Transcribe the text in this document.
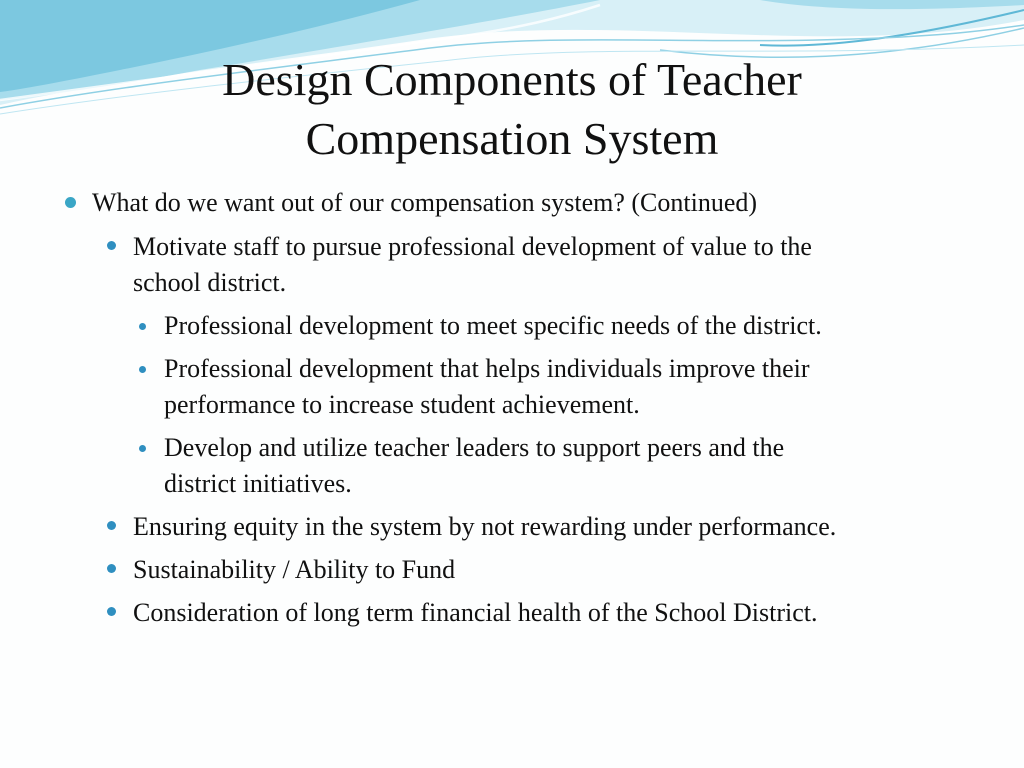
Design Components of Teacher
Compensation System
What do we want out of our compensation system? (Continued)
Motivate staff to pursue professional development of value to the
school district.
Professional development to meet specific needs of the district.
Professional development that helps individuals improve their
performance to increase student achievement.
Develop and utilize teacher leaders to support peers and the
district initiatives.
Ensuring equity in the system by not rewarding under performance.
Sustainability / Ability to Fund
Consideration of long term financial health of the School District.
